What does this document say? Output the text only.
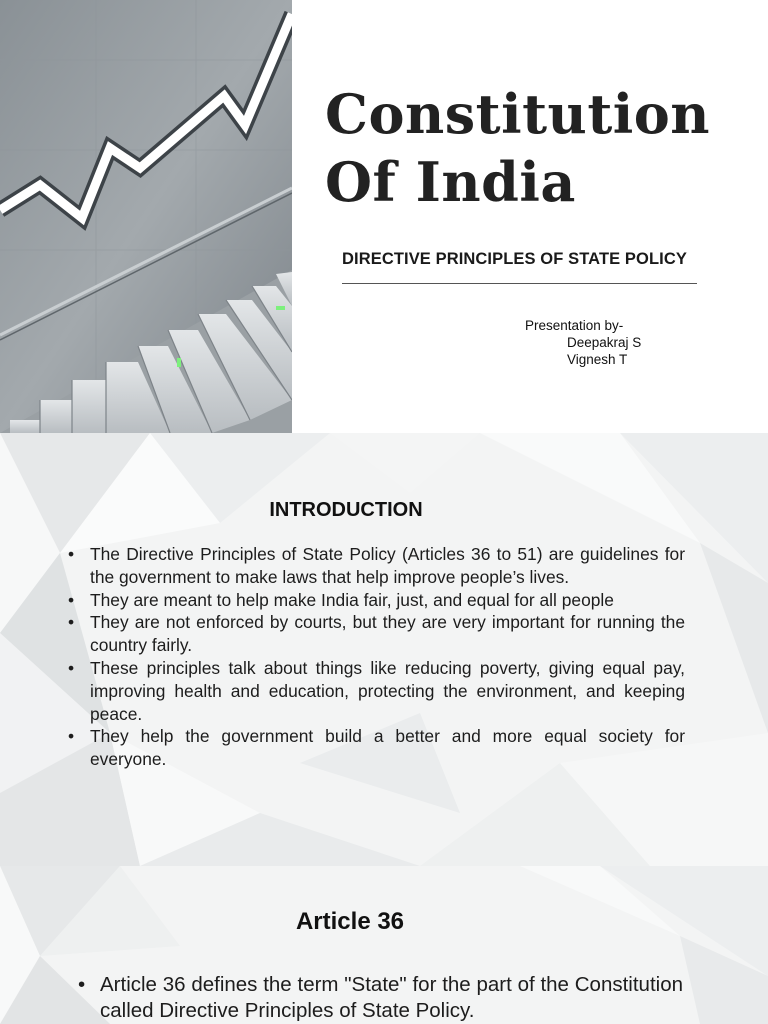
Constitution Of India
DIRECTIVE PRINCIPLES OF STATE POLICY
Presentation by-
Deepakraj S
Vignesh T
INTRODUCTION
• The Directive Principles of State Policy (Articles 36 to 51) are guidelines for the government to make laws that help improve people’s lives.
• They are meant to help make India fair, just, and equal for all people
• They are not enforced by courts, but they are very important for running the country fairly.
• These principles talk about things like reducing poverty, giving equal pay, improving health and education, protecting the environment, and keeping peace.
• They help the government build a better and more equal society for everyone.
Article 36
• Article 36 defines the term "State" for the part of the Constitution called Directive Principles of State Policy.
